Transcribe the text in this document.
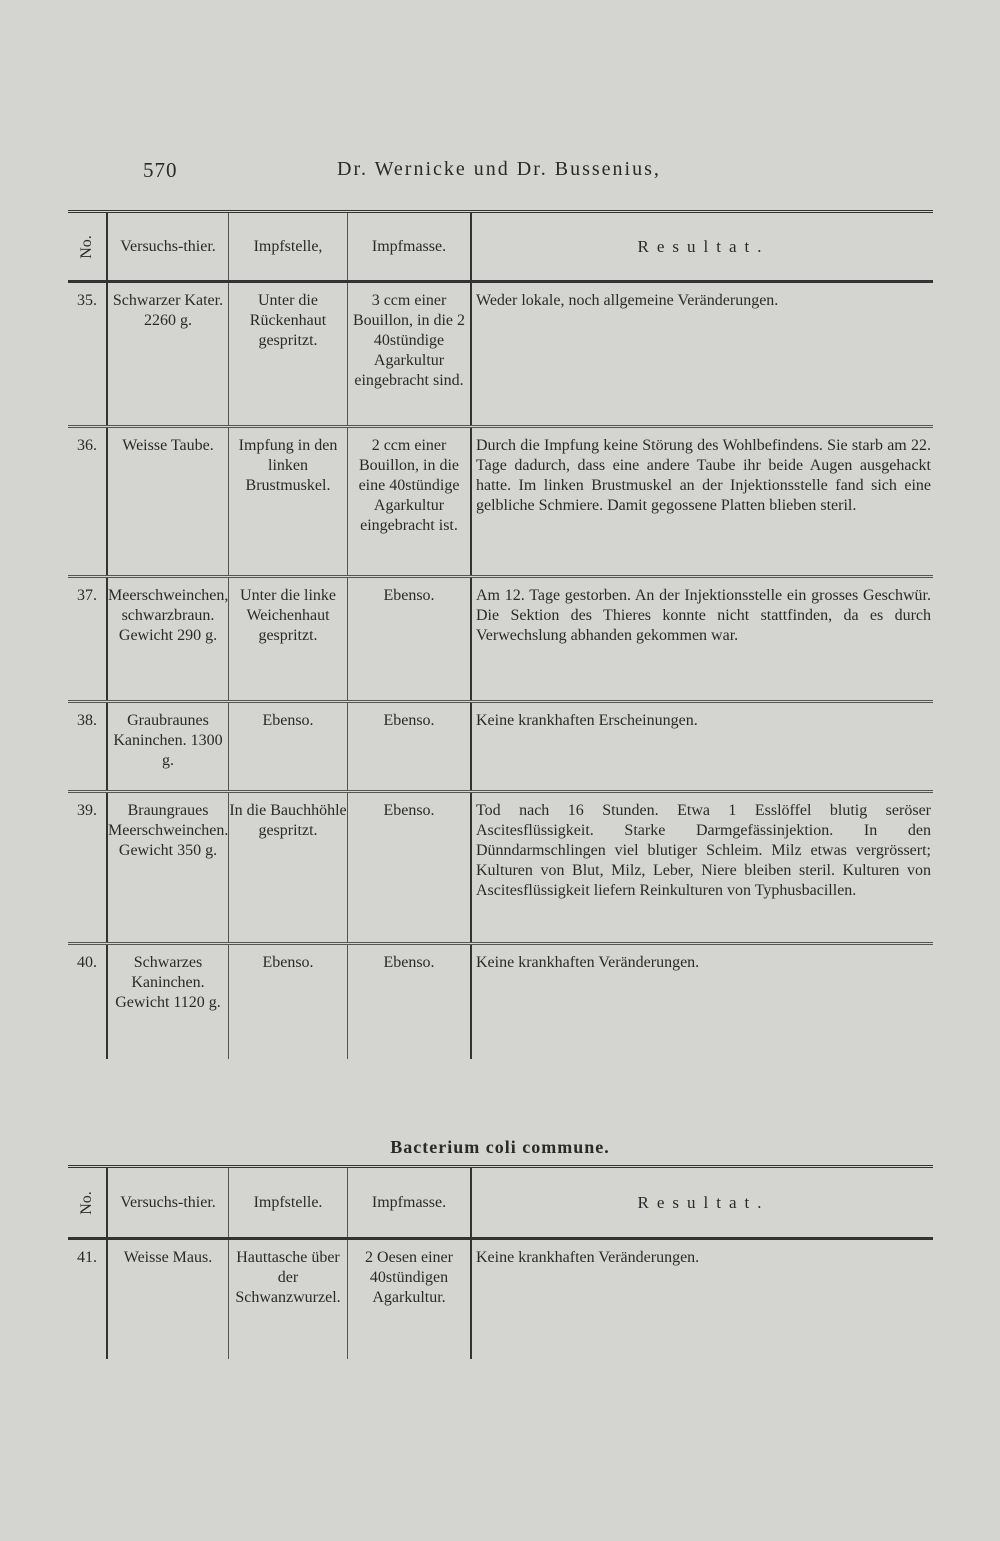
570	Dr. Wernicke und Dr. Bussenius,
No.	Versuchs-thier.	Impfstelle,	Impfmasse.	Resultat.
35.	Schwarzer Kater. 2260 g.	Unter die Rückenhaut gespritzt.	3 ccm einer Bouillon, in die 2 40stündige Agarkultur eingebracht sind.	Weder lokale, noch allgemeine Veränderungen.
36.	Weisse Taube.	Impfung in den linken Brustmuskel.	2 ccm einer Bouillon, in die eine 40stündige Agarkultur eingebracht ist.	Durch die Impfung keine Störung des Wohlbefindens. Sie starb am 22. Tage dadurch, dass eine andere Taube ihr beide Augen ausgehackt hatte. Im linken Brustmuskel an der Injektionsstelle fand sich eine gelbliche Schmiere. Damit gegossene Platten blieben steril.
37.	Meerschweinchen, schwarzbraun. Gewicht 290 g.	Unter die linke Weichenhaut gespritzt.	Ebenso.	Am 12. Tage gestorben. An der Injektionsstelle ein grosses Geschwür. Die Sektion des Thieres konnte nicht stattfinden, da es durch Verwechslung abhanden gekommen war.
38.	Graubraunes Kaninchen. 1300 g.	Ebenso.	Ebenso.	Keine krankhaften Erscheinungen.
39.	Braungraues Meerschweinchen. Gewicht 350 g.	In die Bauchhöhle gespritzt.	Ebenso.	Tod nach 16 Stunden. Etwa 1 Esslöffel blutig seröser Ascitesflüssigkeit. Starke Darmgefässinjektion. In den Dünndarmschlingen viel blutiger Schleim. Milz etwas vergrössert; Kulturen von Blut, Milz, Leber, Niere bleiben steril. Kulturen von Ascitesflüssigkeit liefern Reinkulturen von Typhusbacillen.
40.	Schwarzes Kaninchen. Gewicht 1120 g.	Ebenso.	Ebenso.	Keine krankhaften Veränderungen.
Bacterium coli commune.
No.	Versuchs-thier.	Impfstelle.	Impfmasse.	Resultat.
41.	Weisse Maus.	Hauttasche über der Schwanzwurzel.	2 Oesen einer 40stündigen Agarkultur.	Keine krankhaften Veränderungen.
